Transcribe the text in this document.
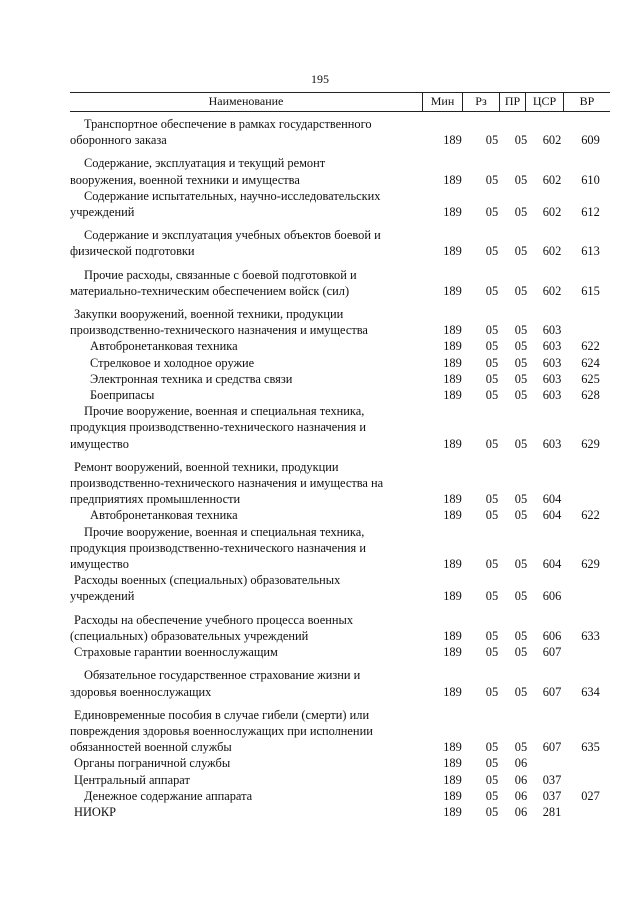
195
Наименование	Мин	Рз	ПР	ЦСР	ВР
Транспортное обеспечение в рамках государственного
оборонного заказа	189	05	05	602	609
Содержание, эксплуатация и текущий ремонт
вооружения, военной техники и имущества	189	05	05	602	610
Содержание испытательных, научно-исследовательских
учреждений	189	05	05	602	612
Содержание и эксплуатация учебных объектов боевой и
физической подготовки	189	05	05	602	613
Прочие расходы, связанные с боевой подготовкой и
материально-техническим обеспечением войск (сил)	189	05	05	602	615
Закупки вооружений, военной техники, продукции
производственно-технического назначения и имущества	189	05	05	603
Автобронетанковая техника	189	05	05	603	622
Стрелковое и холодное оружие	189	05	05	603	624
Электронная техника и средства связи	189	05	05	603	625
Боеприпасы	189	05	05	603	628
Прочие вооружение, военная и специальная техника,
продукция производственно-технического назначения и
имущество	189	05	05	603	629
Ремонт вооружений, военной техники, продукции
производственно-технического назначения и имущества на
предприятиях промышленности	189	05	05	604
Автобронетанковая техника	189	05	05	604	622
Прочие вооружение, военная и специальная техника,
продукция производственно-технического назначения и
имущество	189	05	05	604	629
Расходы военных (специальных) образовательных
учреждений	189	05	05	606
Расходы на обеспечение учебного процесса военных
(специальных) образовательных учреждений	189	05	05	606	633
Страховые гарантии военнослужащим	189	05	05	607
Обязательное государственное страхование жизни и
здоровья военнослужащих	189	05	05	607	634
Единовременные пособия в случае гибели (смерти) или
повреждения здоровья военнослужащих при исполнении
обязанностей военной службы	189	05	05	607	635
Органы пограничной службы	189	05	06
Центральный аппарат	189	05	06	037
Денежное содержание аппарата	189	05	06	037	027
НИОКР	189	05	06	281
